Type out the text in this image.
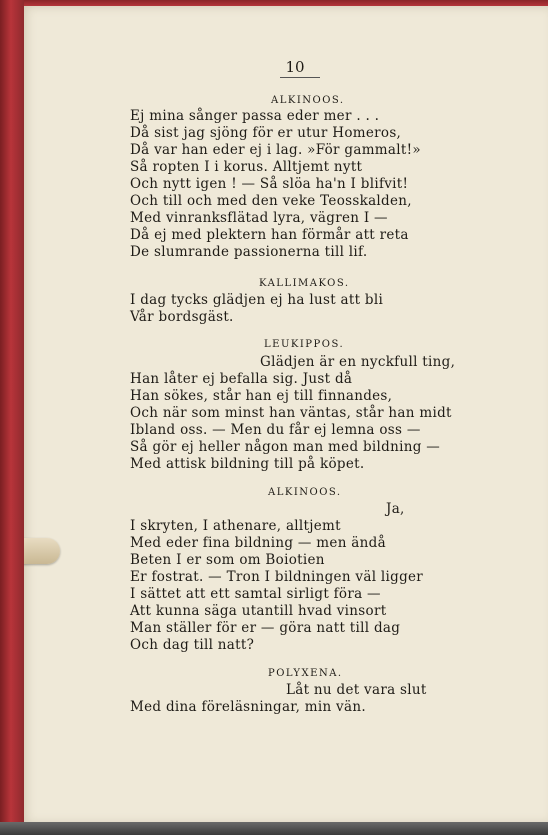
10
ALKINOOS.
Ej mina sånger passa eder mer . . .
Då sist jag sjöng för er utur Homeros,
Då var han eder ej i lag. »För gammalt!»
Så ropten I i korus. Alltjemt nytt
Och nytt igen ! — Så slöa ha'n I blifvit!
Och till och med den veke Teosskalden,
Med vinranksflätad lyra, vägren I —
Då ej med plektern han förmår att reta
De slumrande passionerna till lif.
KALLIMAKOS.
I dag tycks glädjen ej ha lust att bli
Vår bordsgäst.
LEUKIPPOS.
Glädjen är en nyckfull ting,
Han låter ej befalla sig. Just då
Han sökes, står han ej till finnandes,
Och när som minst han väntas, står han midt
Ibland oss. — Men du får ej lemna oss —
Så gör ej heller någon man med bildning —
Med attisk bildning till på köpet.
ALKINOOS.
Ja,
I skryten, I athenare, alltjemt
Med eder fina bildning — men ändå
Beten I er som om Boiotien
Er fostrat. — Tron I bildningen väl ligger
I sättet att ett samtal sirligt föra —
Att kunna säga utantill hvad vinsort
Man ställer för er — göra natt till dag
Och dag till natt?
POLYXENA.
Låt nu det vara slut
Med dina föreläsningar, min vän.
